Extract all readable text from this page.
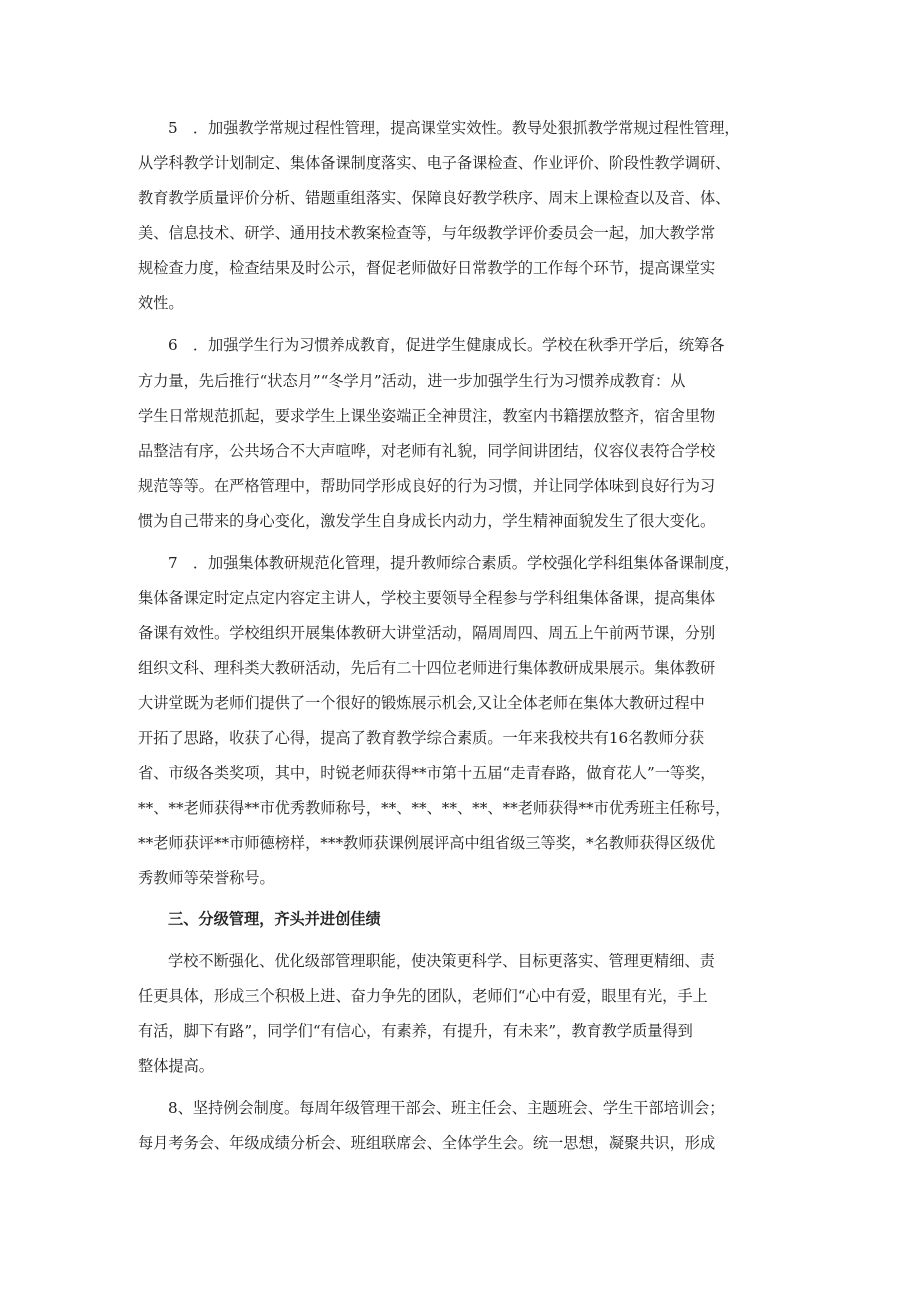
5　．加强教学常规过程性管理，提高课堂实效性。教导处狠抓教学常规过程性管理，
从学科教学计划制定、集体备课制度落实、电子备课检查、作业评价、阶段性教学调研、
教育教学质量评价分析、错题重组落实、保障良好教学秩序、周末上课检查以及音、体、
美、信息技术、研学、通用技术教案检查等，与年级教学评价委员会一起，加大教学常
规检查力度，检查结果及时公示，督促老师做好日常教学的工作每个环节，提高课堂实
效性。
6　．加强学生行为习惯养成教育，促进学生健康成长。学校在秋季开学后，统筹各
方力量，先后推行“状态月”“冬学月”活动，进一步加强学生行为习惯养成教育：从
学生日常规范抓起，要求学生上课坐姿端正全神贯注，教室内书籍摆放整齐，宿舍里物
品整洁有序，公共场合不大声喧哗，对老师有礼貌，同学间讲团结，仪容仪表符合学校
规范等等。在严格管理中，帮助同学形成良好的行为习惯，并让同学体味到良好行为习
惯为自己带来的身心变化，激发学生自身成长内动力，学生精神面貌发生了很大变化。
7　．加强集体教研规范化管理，提升教师综合素质。学校强化学科组集体备课制度，
集体备课定时定点定内容定主讲人，学校主要领导全程参与学科组集体备课，提高集体
备课有效性。学校组织开展集体教研大讲堂活动，隔周周四、周五上午前两节课，分别
组织文科、理科类大教研活动，先后有二十四位老师进行集体教研成果展示。集体教研
大讲堂既为老师们提供了一个很好的锻炼展示机会,又让全体老师在集体大教研过程中
开拓了思路，收获了心得，提高了教育教学综合素质。一年来我校共有16名教师分获
省、市级各类奖项，其中，时锐老师获得**市第十五届“走青春路，做育花人”一等奖，
**、**老师获得**市优秀教师称号，**、**、**、**、**老师获得**市优秀班主任称号，
**老师获评**市师德榜样，***教师获课例展评高中组省级三等奖，*名教师获得区级优
秀教师等荣誉称号。
三、分级管理，齐头并进创佳绩
学校不断强化、优化级部管理职能，使决策更科学、目标更落实、管理更精细、责
任更具体，形成三个积极上进、奋力争先的团队，老师们“心中有爱，眼里有光，手上
有活，脚下有路”，同学们“有信心，有素养，有提升，有未来”，教育教学质量得到
整体提高。
8、坚持例会制度。每周年级管理干部会、班主任会、主题班会、学生干部培训会；
每月考务会、年级成绩分析会、班组联席会、全体学生会。统一思想，凝聚共识，形成
